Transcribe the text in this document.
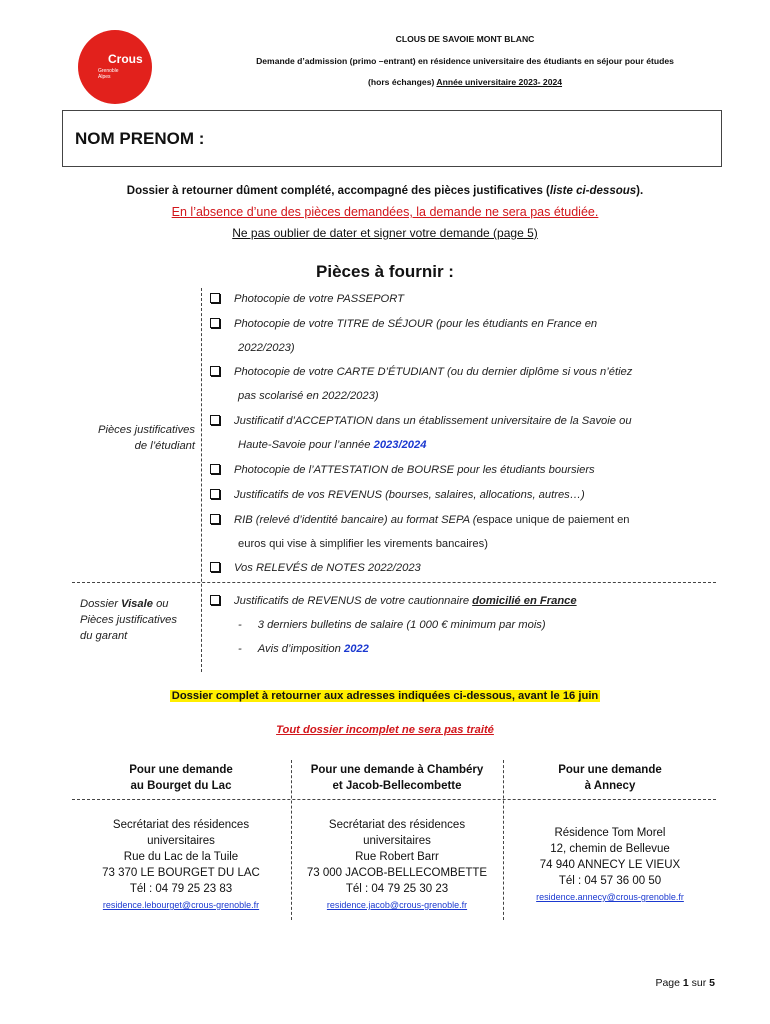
Crous
Grenoble
Alpes
CLOUS DE SAVOIE MONT BLANC
Demande d’admission (primo –entrant) en résidence universitaire des étudiants en séjour pour études
(hors échanges) Année universitaire 2023- 2024
NOM PRENOM :
Dossier à retourner dûment complété, accompagné des pièces justificatives (liste ci-dessous).
En l’absence d’une des pièces demandées, la demande ne sera pas étudiée.
Ne pas oublier de dater et signer votre demande (page 5)
Pièces à fournir :
Pièces justificatives
de l’étudiant
Dossier Visale ou
Pièces justificatives
du garant
Photocopie de votre PASSEPORT
Photocopie de votre TITRE de SÉJOUR (pour les étudiants en France en
2022/2023)
Photocopie de votre CARTE D’ÉTUDIANT (ou du dernier diplôme si vous n’étiez
pas scolarisé en 2022/2023)
Justificatif d’ACCEPTATION dans un établissement universitaire de la Savoie ou
Haute-Savoie pour l’année 2023/2024
Photocopie de l’ATTESTATION de BOURSE pour les étudiants boursiers
Justificatifs de vos REVENUS (bourses, salaires, allocations, autres…)
RIB (relevé d’identité bancaire) au format SEPA (espace unique de paiement en
euros qui vise à simplifier les virements bancaires)
Vos RELEVÉS de NOTES 2022/2023
Justificatifs de REVENUS de votre cautionnaire domicilié en France
- 3 derniers bulletins de salaire (1 000 € minimum par mois)
- Avis d’imposition 2022
Dossier complet à retourner aux adresses indiquées ci-dessous, avant le 16 juin
Tout dossier incomplet ne sera pas traité
Pour une demande
au Bourget du Lac
Pour une demande à Chambéry
et Jacob-Bellecombette
Pour une demande
à Annecy
Secrétariat des résidences
universitaires
Rue du Lac de la Tuile
73 370 LE BOURGET DU LAC
Tél : 04 79 25 23 83
residence.lebourget@crous-grenoble.fr
Secrétariat des résidences
universitaires
Rue Robert Barr
73 000 JACOB-BELLECOMBETTE
Tél : 04 79 25 30 23
residence.jacob@crous-grenoble.fr
Résidence Tom Morel
12, chemin de Bellevue
74 940 ANNECY LE VIEUX
Tél : 04 57 36 00 50
residence.annecy@crous-grenoble.fr
Page 1 sur 5
